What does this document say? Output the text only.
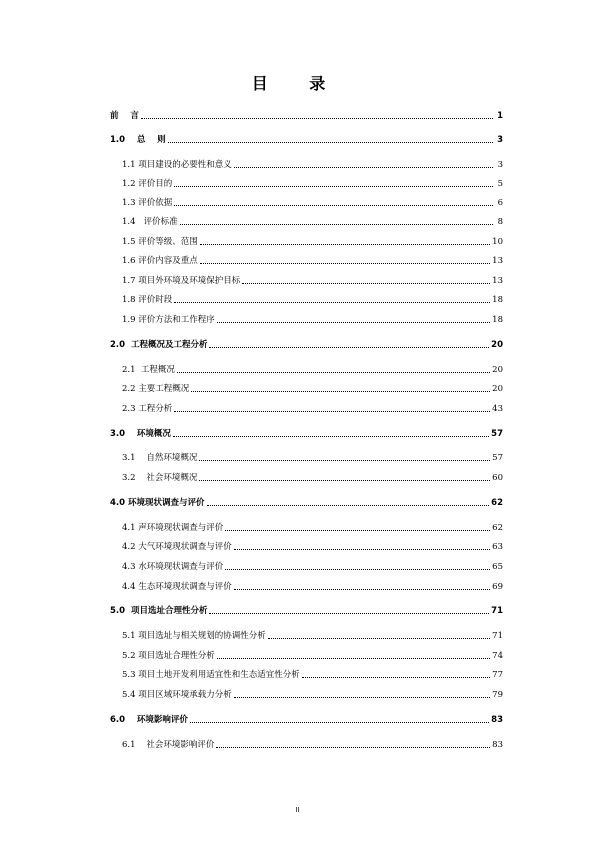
目 录
前    言	1
1.0    总    则	3
1.1 项目建设的必要性和意义	3
1.2 评价目的	5
1.3 评价依据	6
1.4   评价标准	8
1.5 评价等级、范围	10
1.6 评价内容及重点	13
1.7 项目外环境及环境保护目标	13
1.8 评价时段	18
1.9 评价方法和工作程序	18
2.0  工程概况及工程分析	20
2.1  工程概况	20
2.2 主要工程概况	20
2.3 工程分析	43
3.0    环境概况	57
3.1    自然环境概况	57
3.2    社会环境概况	60
4.0 环境现状调查与评价	62
4.1 声环境现状调查与评价	62
4.2 大气环境现状调查与评价	63
4.3 水环境现状调查与评价	65
4.4 生态环境现状调查与评价	69
5.0  项目选址合理性分析	71
5.1 项目选址与相关规划的协调性分析	71
5.2 项目选址合理性分析	74
5.3 项目土地开发利用适宜性和生态适宜性分析	77
5.4 项目区域环境承载力分析	79
6.0    环境影响评价	83
6.1    社会环境影响评价	83
II
